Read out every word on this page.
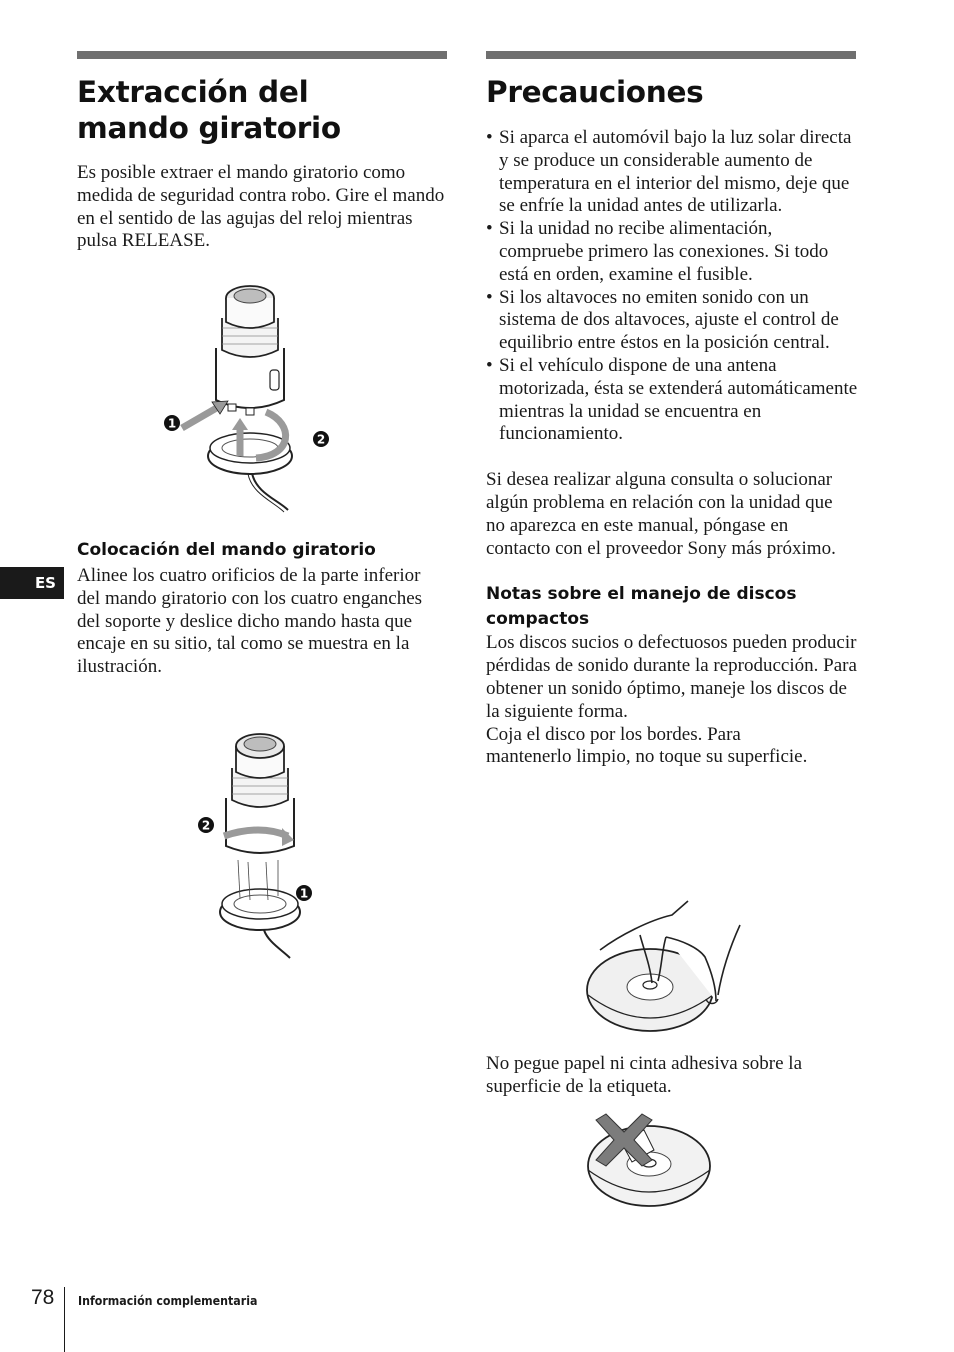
Extracción del mando giratorio

Es posible extraer el mando giratorio como medida de seguridad contra robo. Gire el mando en el sentido de las agujas del reloj mientras pulsa RELEASE.

1
2
Colocación del mando giratorio

Alinee los cuatro orificios de la parte inferior del mando giratorio con los cuatro enganches del soporte y deslice dicho mando hasta que encaje en su sitio, tal como se muestra en la ilustración.

2
1
Precauciones
• Si aparca el automóvil bajo la luz solar directa y se produce un considerable aumento de temperatura en el interior del mismo, deje que se enfríe la unidad antes de utilizarla.
• Si la unidad no recibe alimentación, compruebe primero las conexiones. Si todo está en orden, examine el fusible.
• Si los altavoces no emiten sonido con un sistema de dos altavoces, ajuste el control de equilibrio entre éstos en la posición central.
• Si el vehículo dispone de una antena motorizada, ésta se extenderá automáticamente mientras la unidad se encuentra en funcionamiento.

Si desea realizar alguna consulta o solucionar algún problema en relación con la unidad que no aparezca en este manual, póngase en contacto con el proveedor Sony más próximo.

Notas sobre el manejo de discos compactos

Los discos sucios o defectuosos pueden producir pérdidas de sonido durante la reproducción. Para obtener un sonido óptimo, maneje los discos de la siguiente forma.

Coja el disco por los bordes. Para mantenerlo limpio, no toque su superficie.

No pegue papel ni cinta adhesiva sobre la superficie de la etiqueta.

ES
78 Información complementaria
